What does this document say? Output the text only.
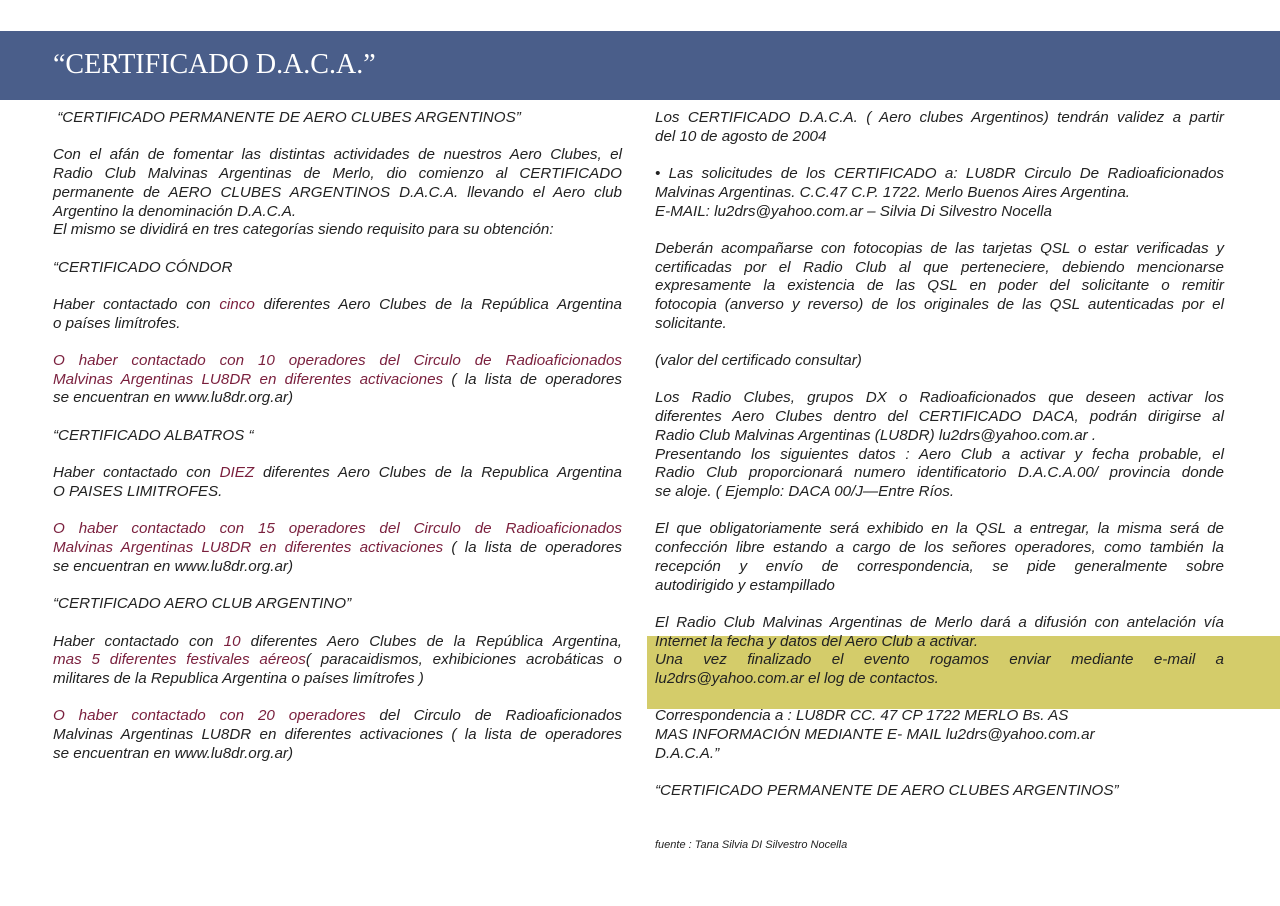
“CERTIFICADO D.A.C.A.”

“CERTIFICADO PERMANENTE DE AERO CLUBES ARGENTINOS”

Con el afán de fomentar las distintas actividades de nuestros Aero Clubes, el

Radio Club Malvinas Argentinas de Merlo, dio comienzo al CERTIFICADO

permanente de AERO CLUBES ARGENTINOS D.A.C.A. llevando el Aero club

Argentino la denominación D.A.C.A.

El mismo se dividirá en tres categorías siendo requisito para su obtención:

“CERTIFICADO CÓNDOR

Haber contactado con cinco diferentes Aero Clubes de la República Argentina

o países limítrofes.

O haber contactado con 10 operadores del Circulo de Radioaficionados

Malvinas Argentinas LU8DR en diferentes activaciones ( la lista de operadores

se encuentran en www.lu8dr.org.ar)

“CERTIFICADO ALBATROS “

Haber contactado con DIEZ diferentes Aero Clubes de la Republica Argentina

O PAISES LIMITROFES.

O haber contactado con 15 operadores del Circulo de Radioaficionados

Malvinas Argentinas LU8DR en diferentes activaciones ( la lista de operadores

se encuentran en www.lu8dr.org.ar)

“CERTIFICADO AERO CLUB ARGENTINO”

Haber contactado con 10 diferentes Aero Clubes de la República Argentina,

mas 5 diferentes festivales aéreos( paracaidismos, exhibiciones acrobáticas o

militares de la Republica Argentina o países limítrofes )

O haber contactado con 20 operadores del Circulo de Radioaficionados

Malvinas Argentinas LU8DR en diferentes activaciones ( la lista de operadores

se encuentran en www.lu8dr.org.ar)

Los CERTIFICADO D.A.C.A. ( Aero clubes Argentinos) tendrán validez a partir

del 10 de agosto de 2004

• Las solicitudes de los CERTIFICADO a: LU8DR Circulo De Radioaficionados

Malvinas Argentinas. C.C.47 C.P. 1722. Merlo Buenos Aires Argentina.

E-MAIL: lu2drs@yahoo.com.ar – Silvia Di Silvestro Nocella

Deberán acompañarse con fotocopias de las tarjetas QSL o estar verificadas y

certificadas por el Radio Club al que perteneciere, debiendo mencionarse

expresamente la existencia de las QSL en poder del solicitante o remitir

fotocopia (anverso y reverso) de los originales de las QSL autenticadas por el

solicitante.

(valor del certificado consultar)

Los Radio Clubes, grupos DX o Radioaficionados que deseen activar los

diferentes Aero Clubes dentro del CERTIFICADO DACA, podrán dirigirse al

Radio Club Malvinas Argentinas (LU8DR) lu2drs@yahoo.com.ar .

Presentando los siguientes datos : Aero Club a activar y fecha probable, el

Radio Club proporcionará numero identificatorio D.A.C.A.00/ provincia donde

se aloje. ( Ejemplo: DACA 00/J—Entre Ríos.

El que obligatoriamente será exhibido en la QSL a entregar, la misma será de

confección libre estando a cargo de los señores operadores, como también la

recepción y envío de correspondencia, se pide generalmente sobre

autodirigido y estampillado

El Radio Club Malvinas Argentinas de Merlo dará a difusión con antelación vía

Internet la fecha y datos del Aero Club a activar.

Una vez finalizado el evento rogamos enviar mediante e-mail a

lu2drs@yahoo.com.ar el log de contactos.

Correspondencia a : LU8DR CC. 47 CP 1722 MERLO Bs. AS

MAS INFORMACIÓN MEDIANTE E- MAIL lu2drs@yahoo.com.ar

D.A.C.A.”

“CERTIFICADO PERMANENTE DE AERO CLUBES ARGENTINOS”

fuente : Tana Silvia DI Silvestro Nocella
